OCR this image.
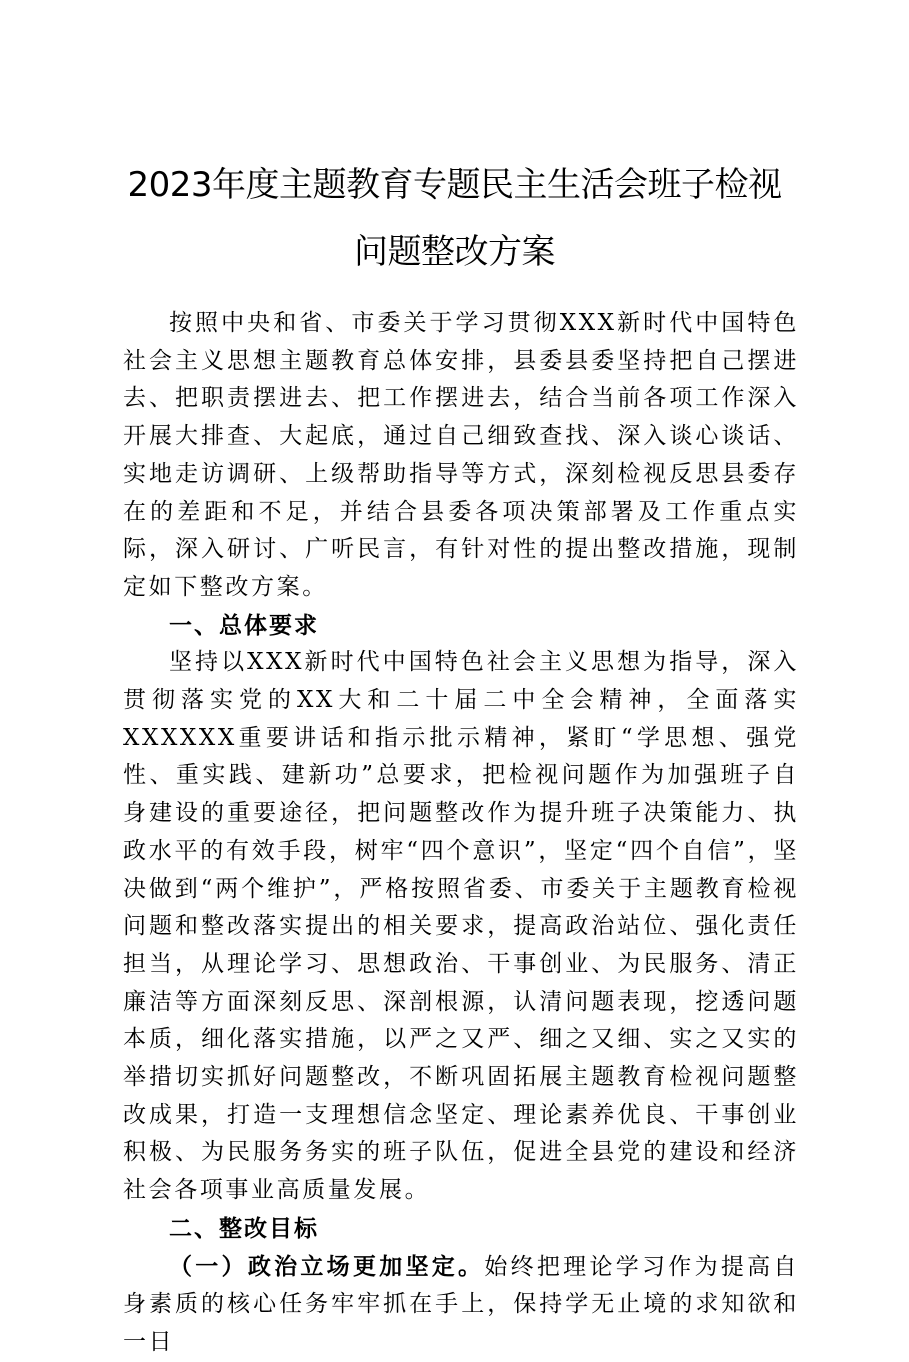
2023年度主题教育专题民主生活会班子检视
问题整改方案

按照中央和省、市委关于学习贯彻XXX新时代中国特色社会主义思想主题教育总体安排，县委县委坚持把自己摆进去、把职责摆进去、把工作摆进去，结合当前各项工作深入开展大排查、大起底，通过自己细致查找、深入谈心谈话、实地走访调研、上级帮助指导等方式，深刻检视反思县委存在的差距和不足，并结合县委各项决策部署及工作重点实际，深入研讨、广听民言，有针对性的提出整改措施，现制定如下整改方案。

一、总体要求

坚持以XXX新时代中国特色社会主义思想为指导，深入贯彻落实党的XX大和二十届二中全会精神，全面落实XXXXXX重要讲话和指示批示精神，紧盯“学思想、强党性、重实践、建新功”总要求，把检视问题作为加强班子自身建设的重要途径，把问题整改作为提升班子决策能力、执政水平的有效手段，树牢“四个意识”，坚定“四个自信”，坚决做到“两个维护”，严格按照省委、市委关于主题教育检视问题和整改落实提出的相关要求，提高政治站位、强化责任担当，从理论学习、思想政治、干事创业、为民服务、清正廉洁等方面深刻反思、深剖根源，认清问题表现，挖透问题本质，细化落实措施，以严之又严、细之又细、实之又实的举措切实抓好问题整改，不断巩固拓展主题教育检视问题整改成果，打造一支理想信念坚定、理论素养优良、干事创业积极、为民服务务实的班子队伍，促进全县党的建设和经济社会各项事业高质量发展。

二、整改目标

（一）政治立场更加坚定。始终把理论学习作为提高自身素质的核心任务牢牢抓在手上，保持学无止境的求知欲和一日
